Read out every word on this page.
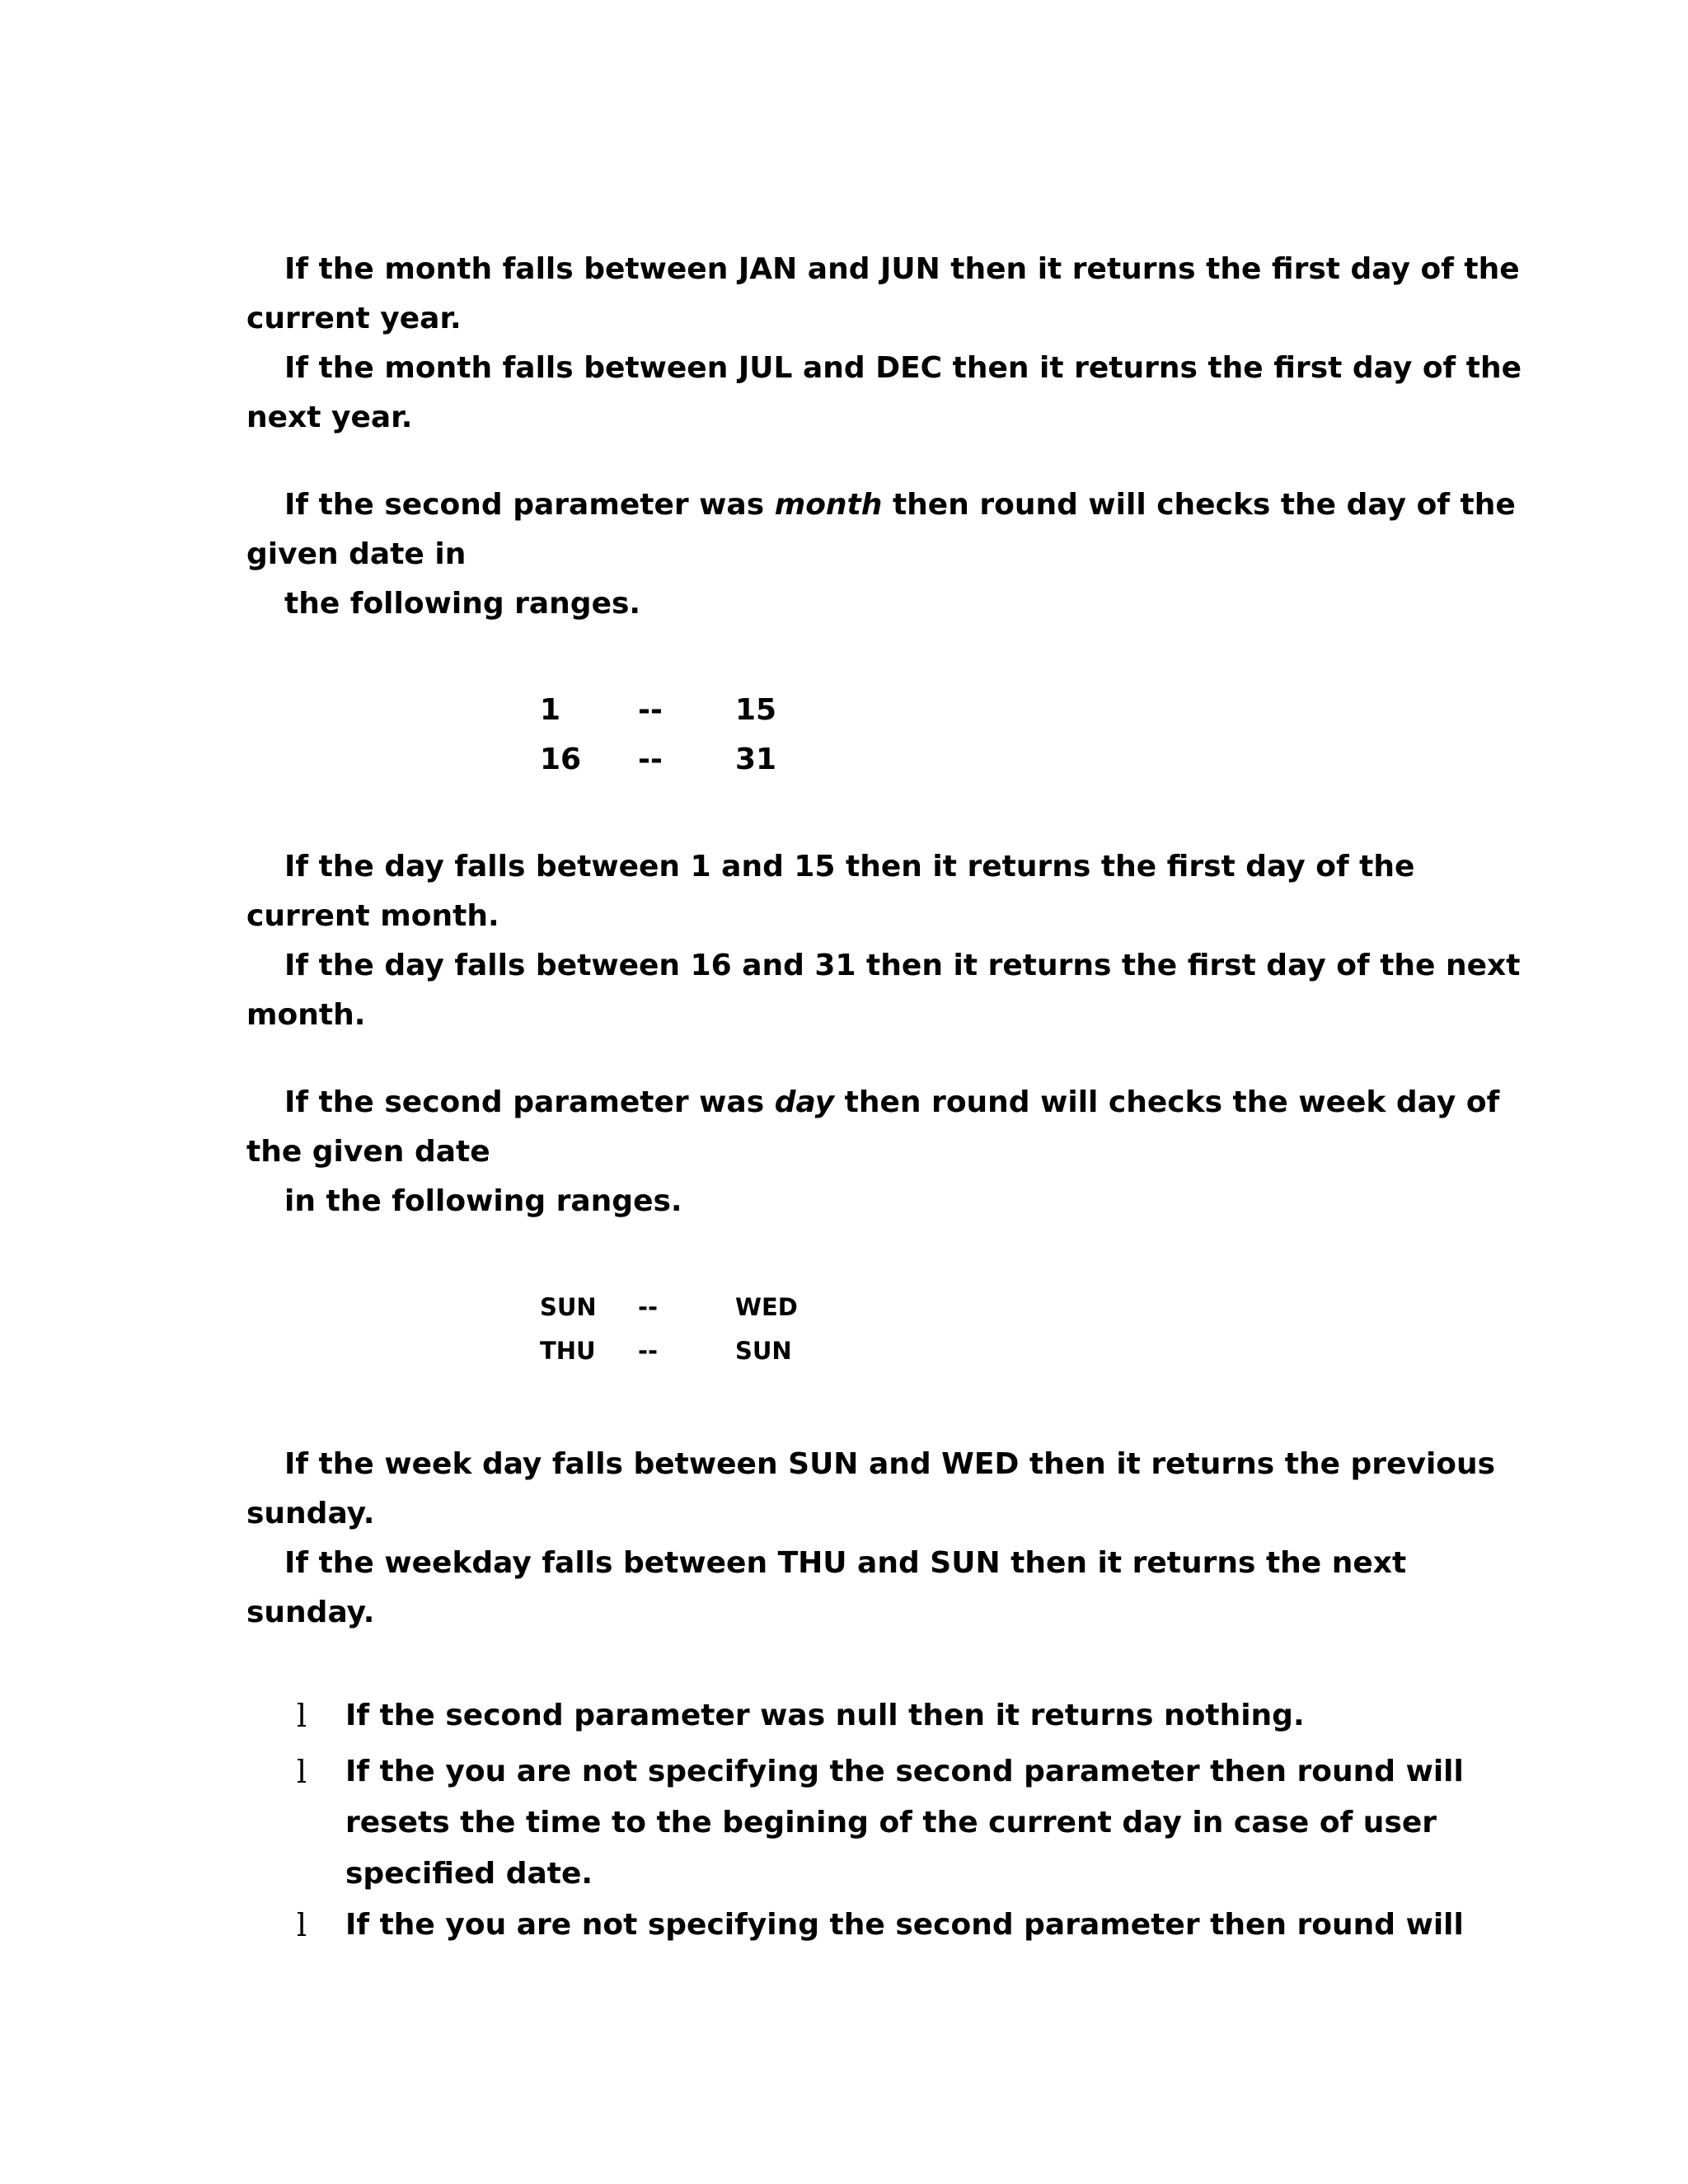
If the month falls between JAN and JUN then it returns the first day of the
current year.
If the month falls between JUL and DEC then it returns the first day of the
next year.
If the second parameter was month then round will checks the day of the
given date in
the following ranges.
1	-- 15
16 -- 31
If the day falls between 1 and 15 then it returns the first day of the
current month.
If the day falls between 16 and 31 then it returns the first day of the next
month.
If the second parameter was day then round will checks the week day of
the given date
in the following ranges.
SUN --	WED
THU --	SUN
If the week day falls between SUN and WED then it returns the previous
sunday.
If the weekday falls between THU and SUN then it returns the next
sunday.
l If the second parameter was null then it returns nothing.
l If the you are not specifying the second parameter then round will
resets the time to the begining of the current day in case of user
specified date.
l If the you are not specifying the second parameter then round will
